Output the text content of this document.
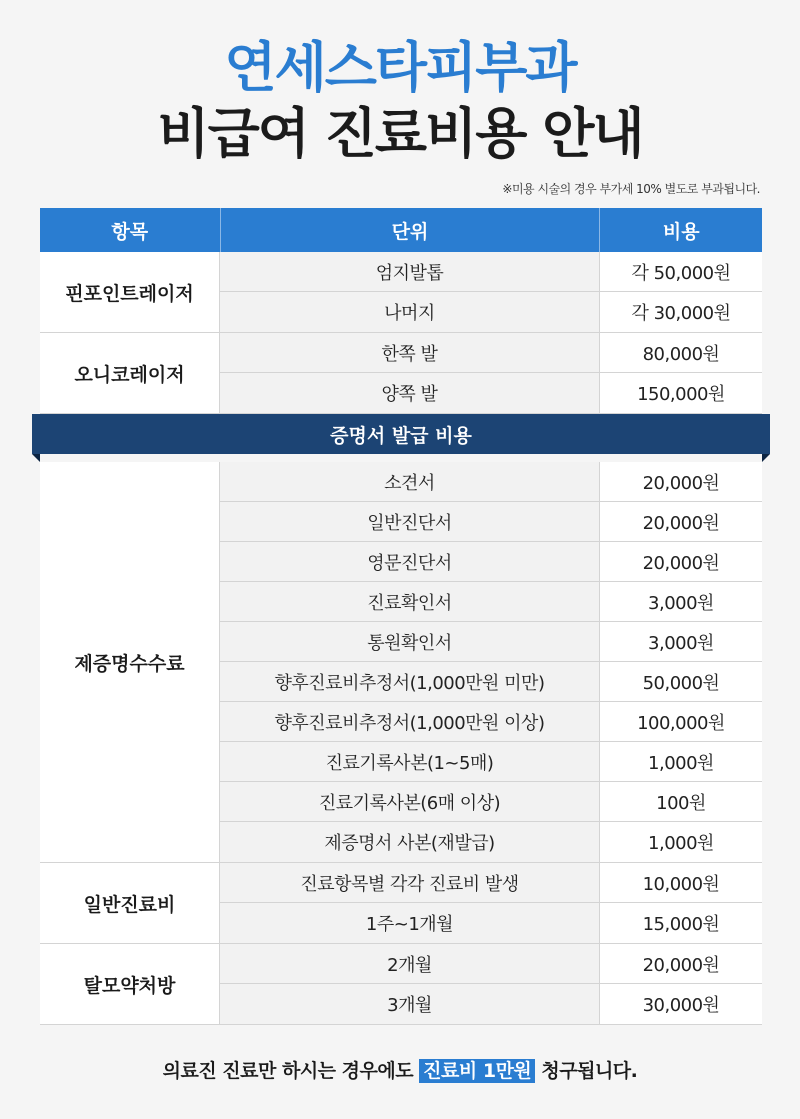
연세스타피부과
비급여 진료비용 안내
※미용 시술의 경우 부가세 10% 별도로 부과됩니다.
항목	단위	비용
핀포인트레이저
엄지발톱	각 50,000원
나머지	각 30,000원
오니코레이저
한쪽 발	80,000원
양쪽 발	150,000원
증명서 발급 비용
제증명수수료
소견서	20,000원
일반진단서	20,000원
영문진단서	20,000원
진료확인서	3,000원
통원확인서	3,000원
향후진료비추정서(1,000만원 미만)	50,000원
향후진료비추정서(1,000만원 이상)	100,000원
진료기록사본(1~5매)	1,000원
진료기록사본(6매 이상)	100원
제증명서 사본(재발급)	1,000원
일반진료비
진료항목별 각각 진료비 발생	10,000원
1주~1개월	15,000원
탈모약처방
2개월	20,000원
3개월	30,000원
의료진 진료만 하시는 경우에도 진료비 1만원 청구됩니다.
